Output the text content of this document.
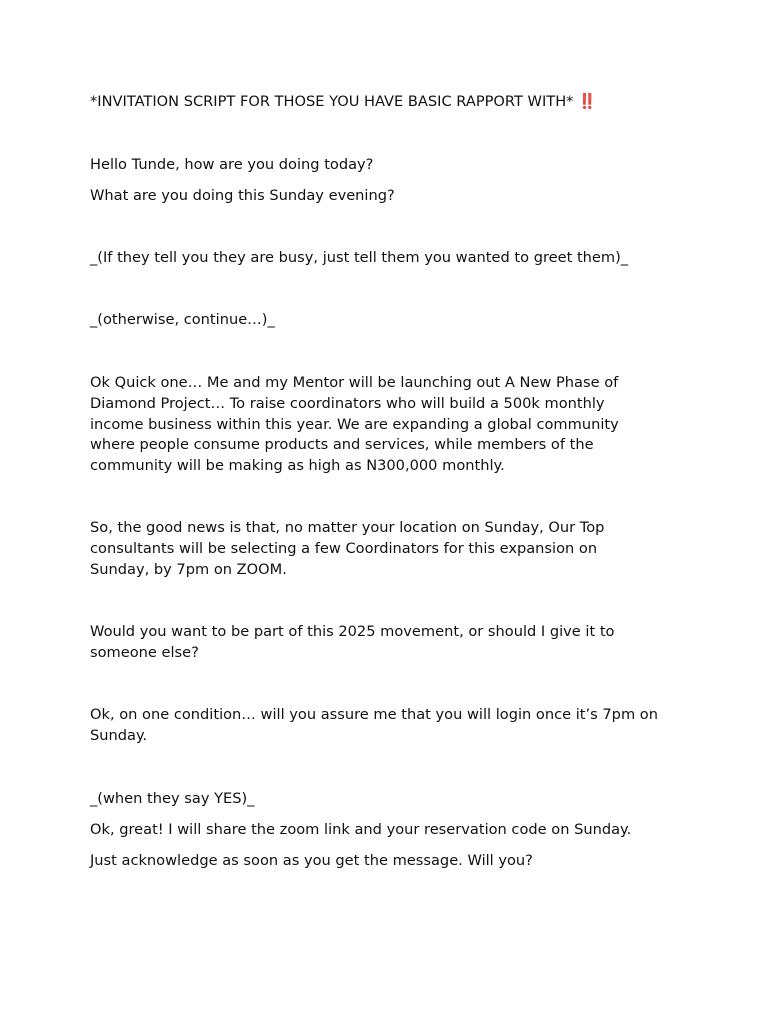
*INVITATION SCRIPT FOR THOSE YOU HAVE BASIC RAPPORT WITH* ‼️

Hello Tunde, how are you doing today?

What are you doing this Sunday evening?

_(If they tell you they are busy, just tell them you wanted to greet them)_

_(otherwise, continue…)_

Ok Quick one… Me and my Mentor will be launching out A New Phase of Diamond Project… To raise coordinators who will build a 500k monthly income business within this year. We are expanding a global community where people consume products and services, while members of the community will be making as high as N300,000 monthly.

So, the good news is that, no matter your location on Sunday, Our Top consultants will be selecting a few Coordinators for this expansion on Sunday, by 7pm on ZOOM.

Would you want to be part of this 2025 movement, or should I give it to someone else?

Ok, on one condition… will you assure me that you will login once it’s 7pm on Sunday.

_(when they say YES)_

Ok, great! I will share the zoom link and your reservation code on Sunday.

Just acknowledge as soon as you get the message. Will you?
